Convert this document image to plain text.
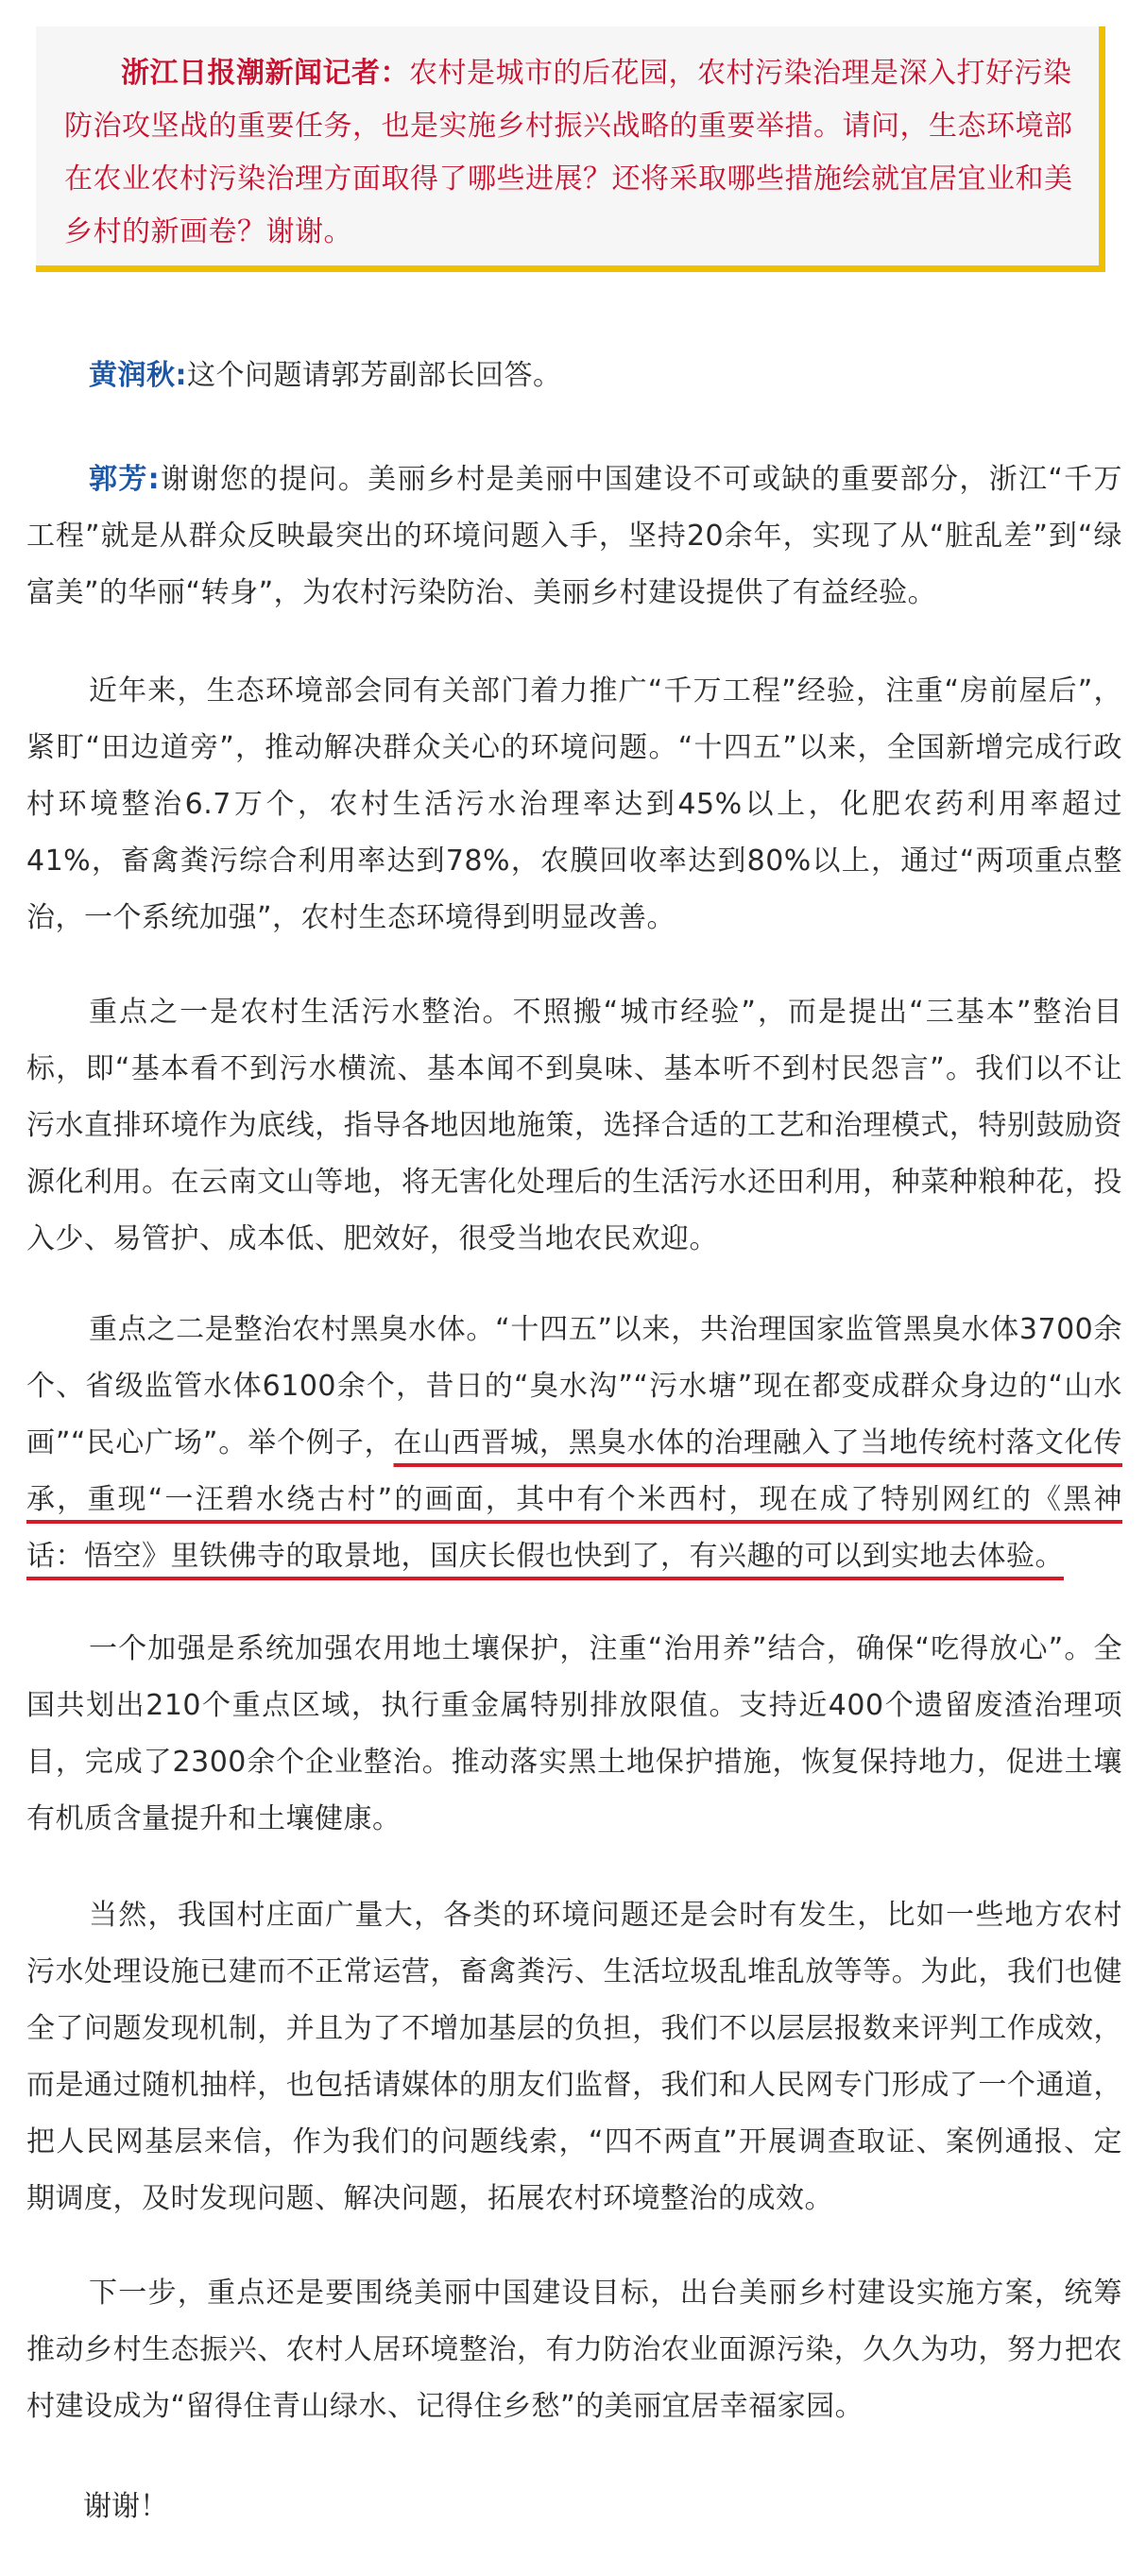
浙江日报潮新闻记者：农村是城市的后花园，农村污染治理是深入打好污染防治攻坚战的重要任务，也是实施乡村振兴战略的重要举措。请问，生态环境部在农业农村污染治理方面取得了哪些进展？还将采取哪些措施绘就宜居宜业和美乡村的新画卷？谢谢。

黄润秋:这个问题请郭芳副部长回答。

郭芳:谢谢您的提问。美丽乡村是美丽中国建设不可或缺的重要部分，浙江“千万工程”就是从群众反映最突出的环境问题入手，坚持20余年，实现了从“脏乱差”到“绿富美”的华丽“转身”，为农村污染防治、美丽乡村建设提供了有益经验。

近年来，生态环境部会同有关部门着力推广“千万工程”经验，注重“房前屋后”，紧盯“田边道旁”，推动解决群众关心的环境问题。“十四五”以来，全国新增完成行政村环境整治6.7万个，农村生活污水治理率达到45%以上，化肥农药利用率超过41%，畜禽粪污综合利用率达到78%，农膜回收率达到80%以上，通过“两项重点整治，一个系统加强”，农村生态环境得到明显改善。

重点之一是农村生活污水整治。不照搬“城市经验”，而是提出“三基本”整治目标，即“基本看不到污水横流、基本闻不到臭味、基本听不到村民怨言”。我们以不让污水直排环境作为底线，指导各地因地施策，选择合适的工艺和治理模式，特别鼓励资源化利用。在云南文山等地，将无害化处理后的生活污水还田利用，种菜种粮种花，投入少、易管护、成本低、肥效好，很受当地农民欢迎。

重点之二是整治农村黑臭水体。“十四五”以来，共治理国家监管黑臭水体3700余个、省级监管水体6100余个，昔日的“臭水沟”“污水塘”现在都变成群众身边的“山水画”“民心广场”。举个例子，在山西晋城，黑臭水体的治理融入了当地传统村落文化传承，重现“一汪碧水绕古村”的画面，其中有个米西村，现在成了特别网红的《黑神话：悟空》里铁佛寺的取景地，国庆长假也快到了，有兴趣的可以到实地去体验。

一个加强是系统加强农用地土壤保护，注重“治用养”结合，确保“吃得放心”。全国共划出210个重点区域，执行重金属特别排放限值。支持近400个遗留废渣治理项目，完成了2300余个企业整治。推动落实黑土地保护措施，恢复保持地力，促进土壤有机质含量提升和土壤健康。

当然，我国村庄面广量大，各类的环境问题还是会时有发生，比如一些地方农村污水处理设施已建而不正常运营，畜禽粪污、生活垃圾乱堆乱放等等。为此，我们也健全了问题发现机制，并且为了不增加基层的负担，我们不以层层报数来评判工作成效，而是通过随机抽样，也包括请媒体的朋友们监督，我们和人民网专门形成了一个通道，把人民网基层来信，作为我们的问题线索，“四不两直”开展调查取证、案例通报、定期调度，及时发现问题、解决问题，拓展农村环境整治的成效。

下一步，重点还是要围绕美丽中国建设目标，出台美丽乡村建设实施方案，统筹推动乡村生态振兴、农村人居环境整治，有力防治农业面源污染，久久为功，努力把农村建设成为“留得住青山绿水、记得住乡愁”的美丽宜居幸福家园。

谢谢！
